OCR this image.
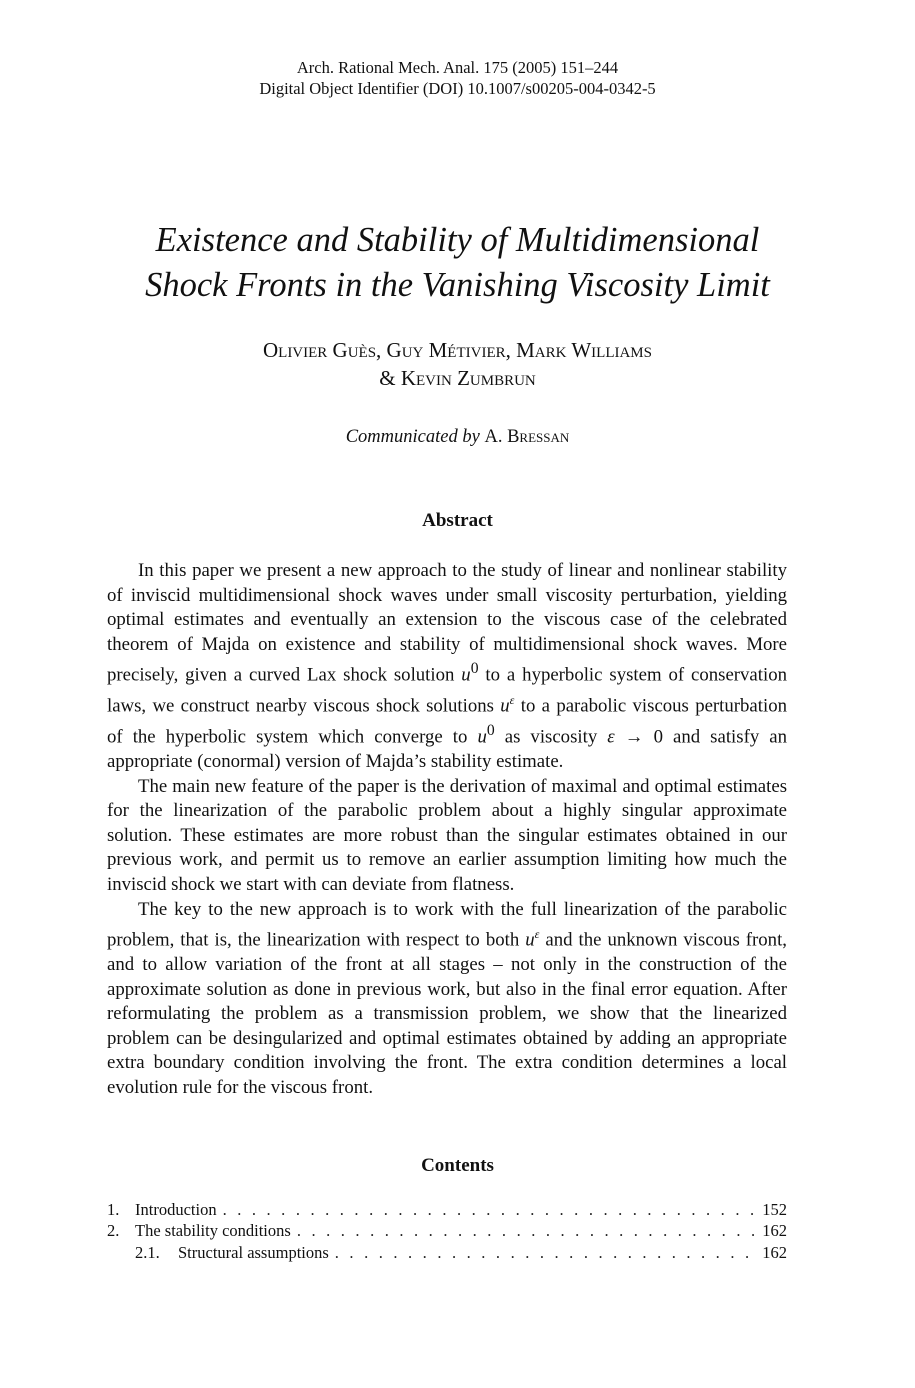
Arch. Rational Mech. Anal. 175 (2005) 151–244
Digital Object Identifier (DOI) 10.1007/s00205-004-0342-5
Existence and Stability of Multidimensional
Shock Fronts in the Vanishing Viscosity Limit
Olivier Guès, Guy Métivier, Mark Williams
& Kevin Zumbrun
Communicated by A. Bressan
Abstract

In this paper we present a new approach to the study of linear and nonlinear stability of inviscid multidimensional shock waves under small viscosity perturbation, yielding optimal estimates and eventually an extension to the viscous case of the celebrated theorem of Majda on existence and stability of multidimensional shock waves. More precisely, given a curved Lax shock solution $u^0$ to a hyperbolic system of conservation laws, we construct nearby viscous shock solutions $u^\varepsilon$ to a parabolic viscous perturbation of the hyperbolic system which converge to $u^0$ as viscosity ε → 0 and satisfy an appropriate (conormal) version of Majda’s stability estimate.

The main new feature of the paper is the derivation of maximal and optimal estimates for the linearization of the parabolic problem about a highly singular approximate solution. These estimates are more robust than the singular estimates obtained in our previous work, and permit us to remove an earlier assumption limiting how much the inviscid shock we start with can deviate from flatness.

The key to the new approach is to work with the full linearization of the parabolic problem, that is, the linearization with respect to both $u^\varepsilon$ and the unknown viscous front, and to allow variation of the front at all stages – not only in the construction of the approximate solution as done in previous work, but also in the final error equation. After reformulating the problem as a transmission problem, we show that the linearized problem can be desingularized and optimal estimates obtained by adding an appropriate extra boundary condition involving the front. The extra condition determines a local evolution rule for the viscous front.

Contents
1. Introduction . . .	152
2. The stability conditions . . .	162
2.1.	Structural assumptions . . .	162
